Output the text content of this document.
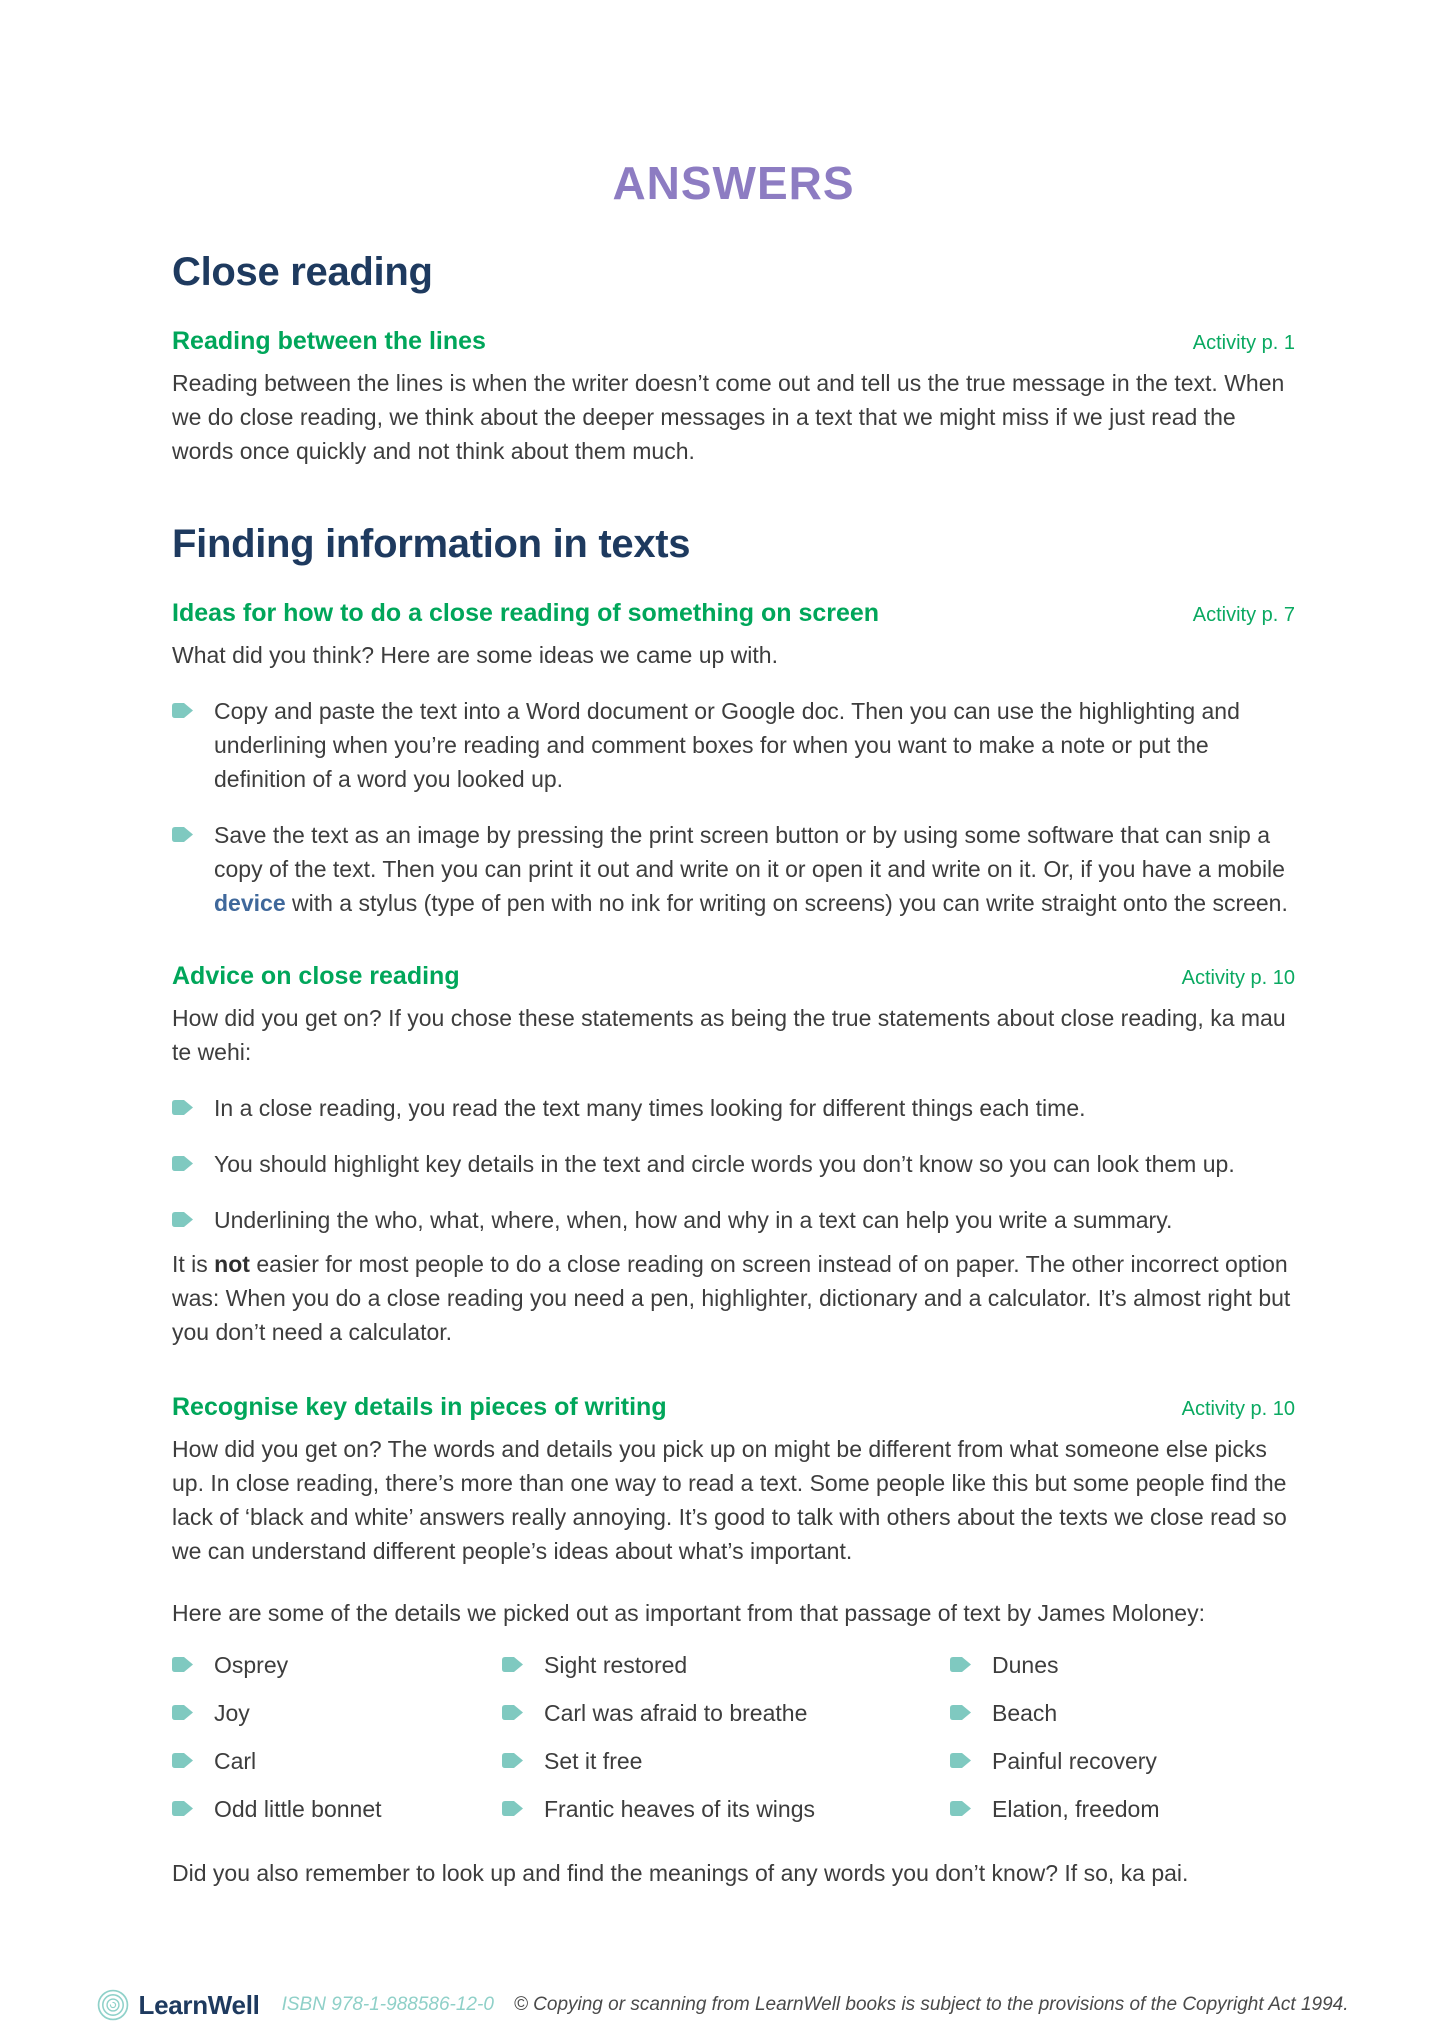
ANSWERS
Close reading
Reading between the lines	Activity p. 1

Reading between the lines is when the writer doesn’t come out and tell us the true message in the text. When we do close reading, we think about the deeper messages in a text that we might miss if we just read the words once quickly and not think about them much.

Finding information in texts
Ideas for how to do a close reading of something on screen	Activity p. 7

What did you think? Here are some ideas we came up with.

Copy and paste the text into a Word document or Google doc. Then you can use the highlighting and underlining when you’re reading and comment boxes for when you want to make a note or put the definition of a word you looked up.

Save the text as an image by pressing the print screen button or by using some software that can snip a copy of the text. Then you can print it out and write on it or open it and write on it. Or, if you have a mobile device with a stylus (type of pen with no ink for writing on screens) you can write straight onto the screen.

Advice on close reading	Activity p. 10

How did you get on? If you chose these statements as being the true statements about close reading, ka mau te wehi:

In a close reading, you read the text many times looking for different things each time.

You should highlight key details in the text and circle words you don’t know so you can look them up.

Underlining the who, what, where, when, how and why in a text can help you write a summary.

It is not easier for most people to do a close reading on screen instead of on paper. The other incorrect option was: When you do a close reading you need a pen, highlighter, dictionary and a calculator. It’s almost right but you don’t need a calculator.

Recognise key details in pieces of writing	Activity p. 10

How did you get on? The words and details you pick up on might be different from what someone else picks up. In close reading, there’s more than one way to read a text. Some people like this but some people find the lack of ‘black and white’ answers really annoying. It’s good to talk with others about the texts we close read so we can understand different people’s ideas about what’s important.

Here are some of the details we picked out as important from that passage of text by James Moloney:

Osprey	Sight restored	Dunes

Joy	Carl was afraid to breathe	Beach

Carl	Set it free	Painful recovery

Odd little bonnet	Frantic heaves of its wings	Elation, freedom

Did you also remember to look up and find the meanings of any words you don’t know? If so, ka pai.

LearnWell ISBN 978-1-988586-12-0 © Copying or scanning from LearnWell books is subject to the provisions of the Copyright Act 1994.
